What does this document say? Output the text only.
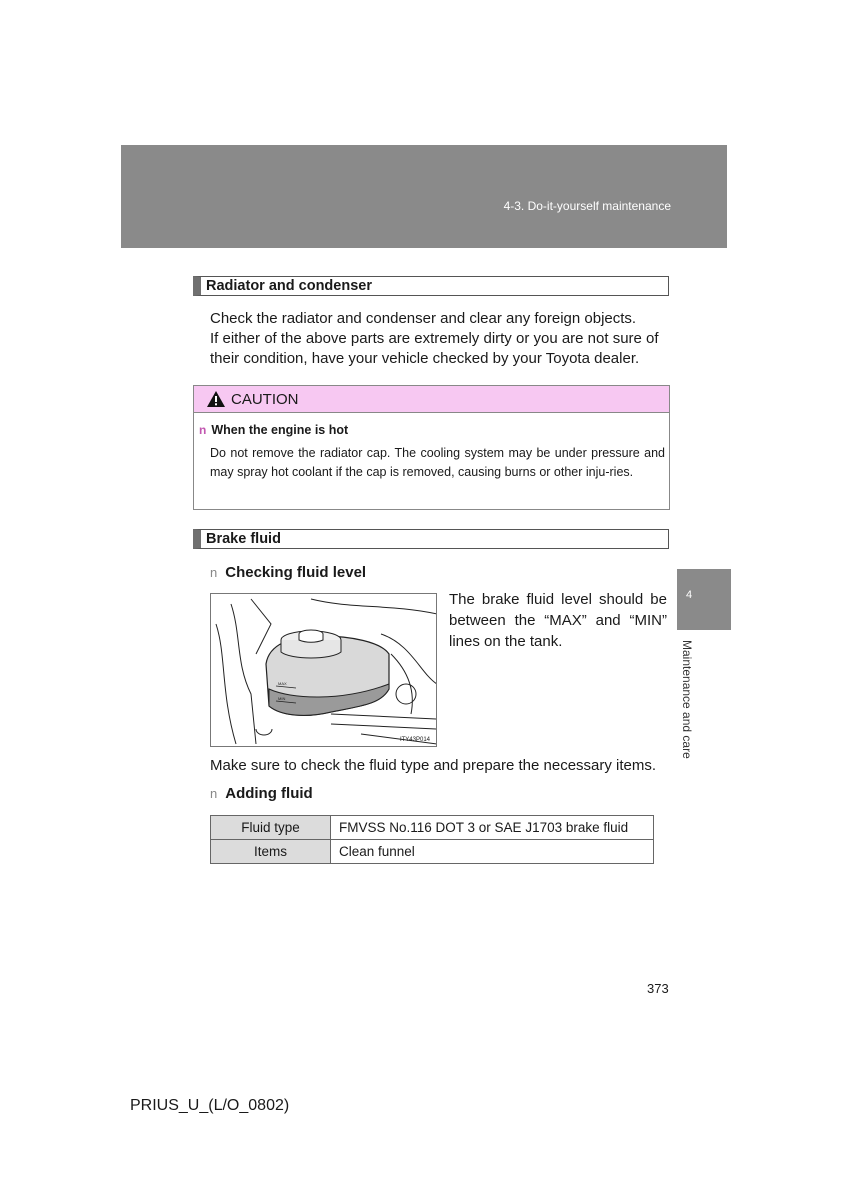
4-3. Do-it-yourself maintenance
4
Maintenance and care
Radiator and condenser
Check the radiator and condenser and clear any foreign objects.
If either of the above parts are extremely dirty or you are not sure of
their condition, have your vehicle checked by your Toyota dealer.
CAUTION
n When the engine is hot
Do not remove the radiator cap. The cooling system may be under pressure and may spray hot coolant if the cap is removed, causing burns or other inju-ries.
Brake fluid
n Checking fluid level
MAX
MIN
ITY43P014
The brake fluid level should be between the “MAX” and “MIN” lines on the tank.
Make sure to check the fluid type and prepare the necessary items.
n Adding fluid
Fluid type	FMVSS No.116 DOT 3 or SAE J1703 brake fluid
Items	Clean funnel
373
PRIUS_U_(L/O_0802)
